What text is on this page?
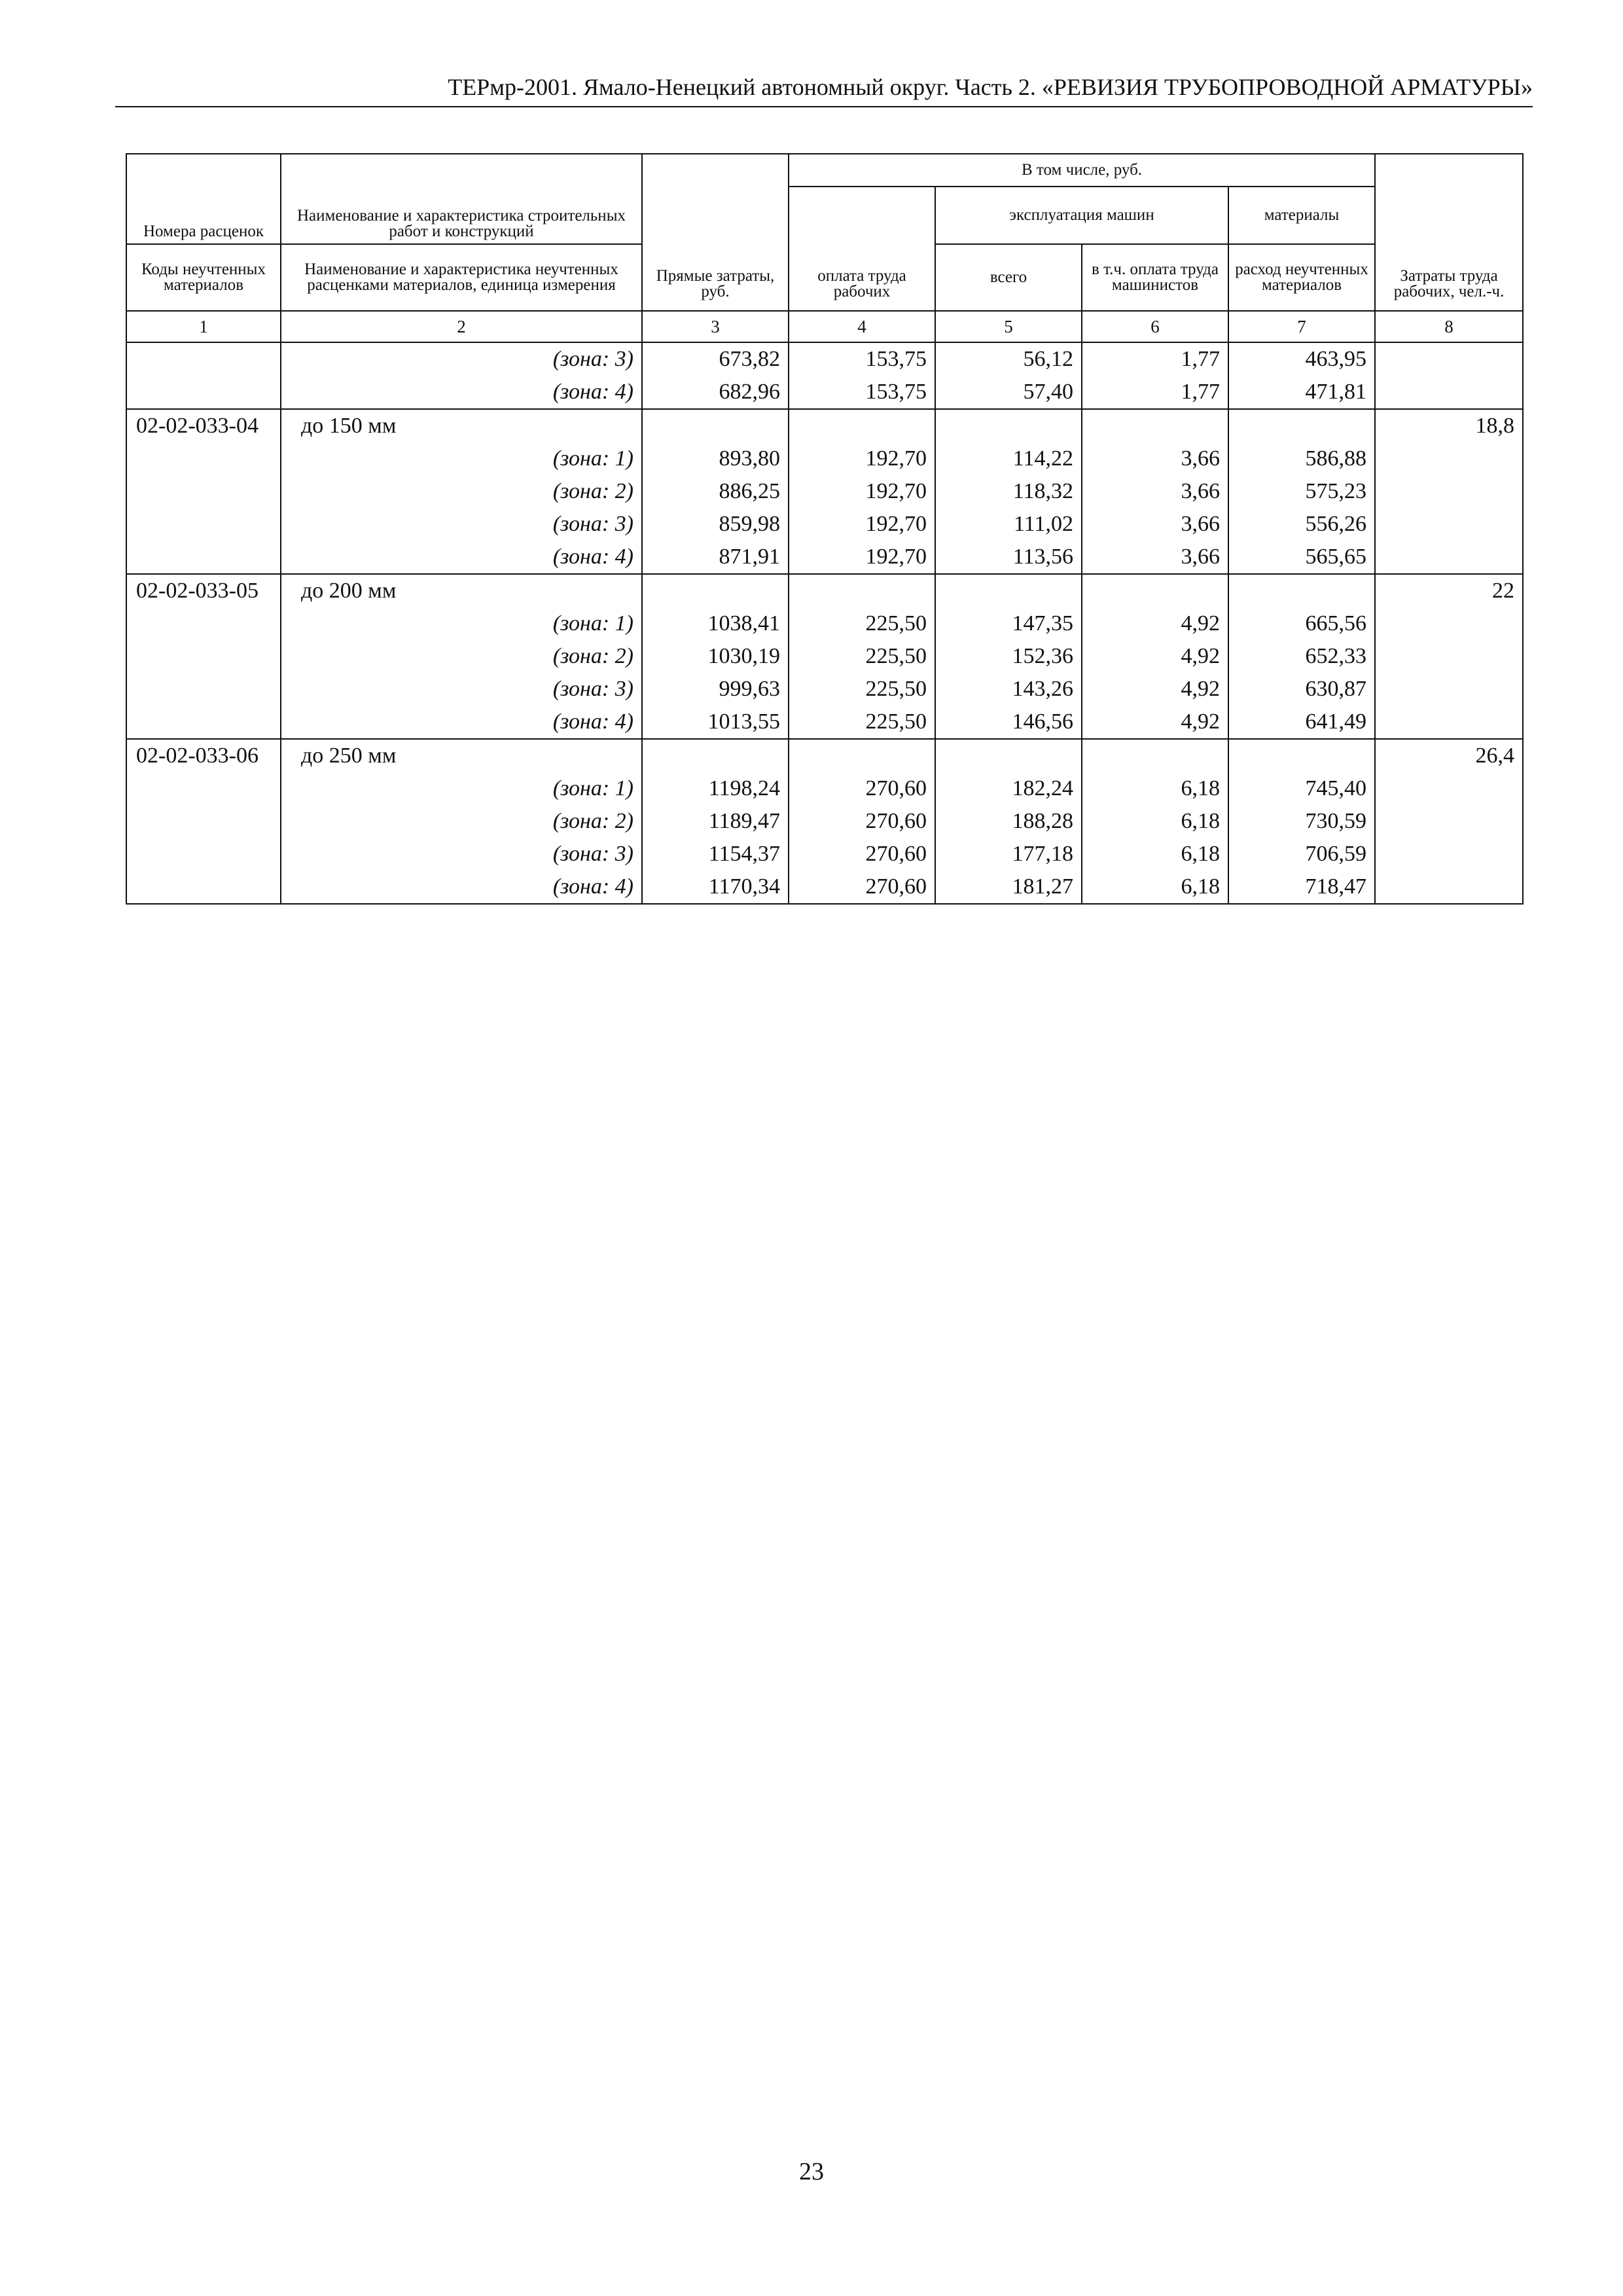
ТЕРмр-2001. Ямало-Ненецкий автономный округ. Часть 2. «РЕВИЗИЯ ТРУБОПРОВОДНОЙ АРМАТУРЫ»
Номера расценок	Наименование и характеристика строительных работ и конструкций	Прямые затраты, руб.	В том числе, руб.				Затраты труда рабочих, чел.-ч.
			оплата труда рабочих	эксплуатация машин		материалы	
Коды неучтенных материалов	Наименование и характеристика неучтенных расценками материалов, единица измерения			всего	в т.ч. оплата труда машинистов	расход неучтенных материалов	
1	2	3	4	5	6	7	8
	(зона: 3)	673,82	153,75	56,12	1,77	463,95	
	(зона: 4)	682,96	153,75	57,40	1,77	471,81	
02-02-033-04	до 150 мм						18,8
	(зона: 1)	893,80	192,70	114,22	3,66	586,88	
	(зона: 2)	886,25	192,70	118,32	3,66	575,23	
	(зона: 3)	859,98	192,70	111,02	3,66	556,26	
	(зона: 4)	871,91	192,70	113,56	3,66	565,65	
02-02-033-05	до 200 мм						22
	(зона: 1)	1038,41	225,50	147,35	4,92	665,56	
	(зона: 2)	1030,19	225,50	152,36	4,92	652,33	
	(зона: 3)	999,63	225,50	143,26	4,92	630,87	
	(зона: 4)	1013,55	225,50	146,56	4,92	641,49	
02-02-033-06	до 250 мм						26,4
	(зона: 1)	1198,24	270,60	182,24	6,18	745,40	
	(зона: 2)	1189,47	270,60	188,28	6,18	730,59	
	(зона: 3)	1154,37	270,60	177,18	6,18	706,59	
	(зона: 4)	1170,34	270,60	181,27	6,18	718,47	
23
